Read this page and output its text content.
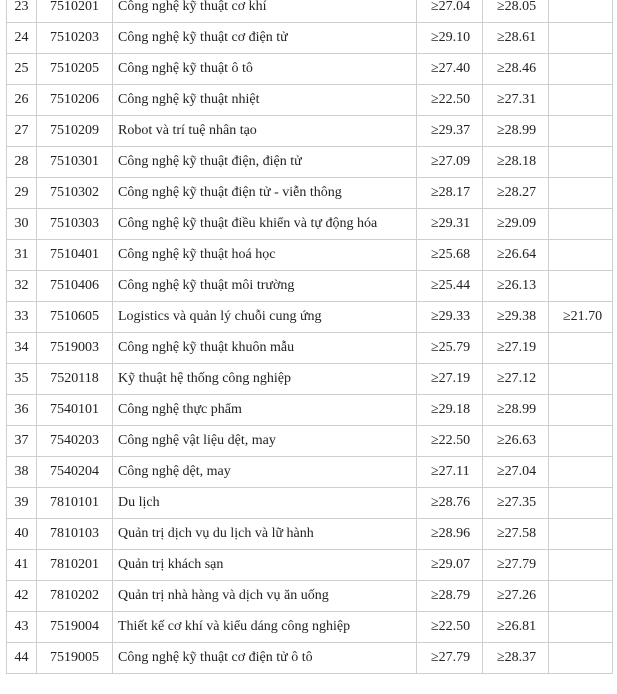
23	7510201	Công nghệ kỹ thuật cơ khí	≥27.04	≥28.05	
24	7510203	Công nghệ kỹ thuật cơ điện tử	≥29.10	≥28.61	
25	7510205	Công nghệ kỹ thuật ô tô	≥27.40	≥28.46	
26	7510206	Công nghệ kỹ thuật nhiệt	≥22.50	≥27.31	
27	7510209	Robot và trí tuệ nhân tạo	≥29.37	≥28.99	
28	7510301	Công nghệ kỹ thuật điện, điện tử	≥27.09	≥28.18	
29	7510302	Công nghệ kỹ thuật điện tử - viễn thông	≥28.17	≥28.27	
30	7510303	Công nghệ kỹ thuật điều khiển và tự động hóa	≥29.31	≥29.09	
31	7510401	Công nghệ kỹ thuật hoá học	≥25.68	≥26.64	
32	7510406	Công nghệ kỹ thuật môi trường	≥25.44	≥26.13	
33	7510605	Logistics và quản lý chuỗi cung ứng	≥29.33	≥29.38	≥21.70
34	7519003	Công nghệ kỹ thuật khuôn mẫu	≥25.79	≥27.19	
35	7520118	Kỹ thuật hệ thống công nghiệp	≥27.19	≥27.12	
36	7540101	Công nghệ thực phẩm	≥29.18	≥28.99	
37	7540203	Công nghệ vật liệu dệt, may	≥22.50	≥26.63	
38	7540204	Công nghệ dệt, may	≥27.11	≥27.04	
39	7810101	Du lịch	≥28.76	≥27.35	
40	7810103	Quản trị dịch vụ du lịch và lữ hành	≥28.96	≥27.58	
41	7810201	Quản trị khách sạn	≥29.07	≥27.79	
42	7810202	Quản trị nhà hàng và dịch vụ ăn uống	≥28.79	≥27.26	
43	7519004	Thiết kế cơ khí và kiểu dáng công nghiệp	≥22.50	≥26.81	
44	7519005	Công nghệ kỹ thuật cơ điện tử ô tô	≥27.79	≥28.37	
